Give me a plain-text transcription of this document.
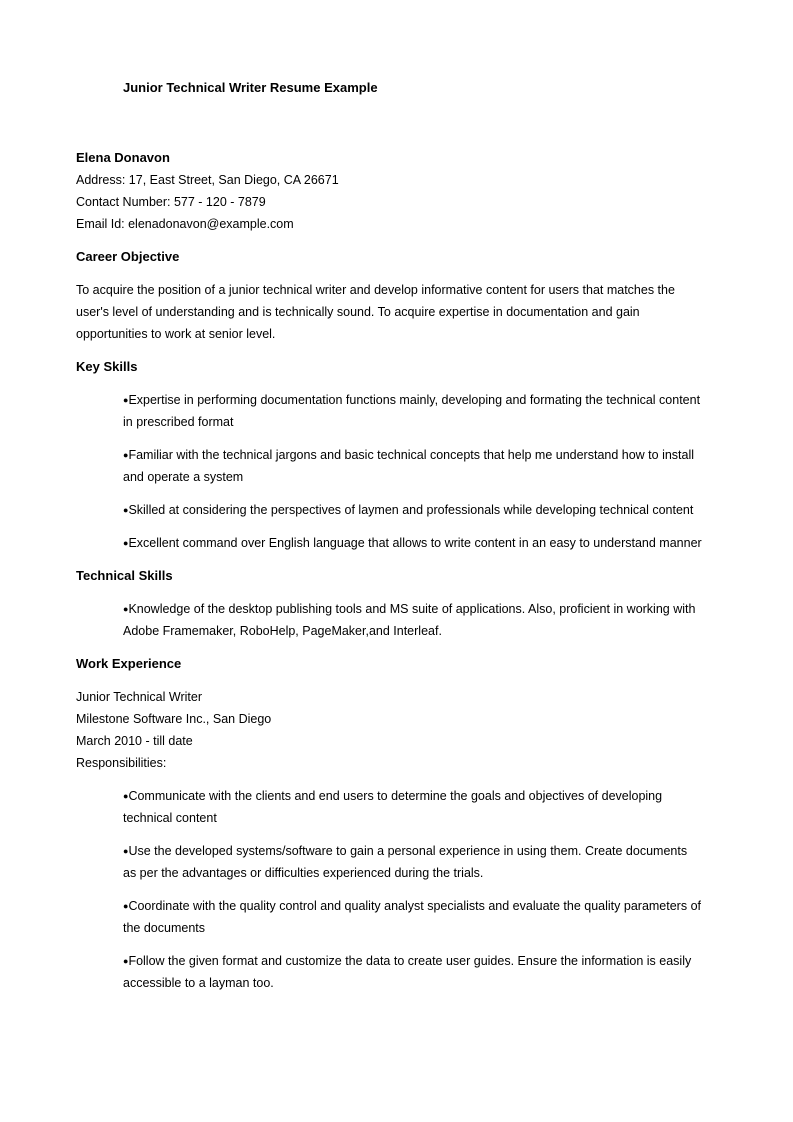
Junior Technical Writer Resume Example
Elena Donavon
Address: 17, East Street, San Diego, CA 26671
Contact Number: 577 - 120 - 7879
Email Id: elenadonavon@example.com
Career Objective
To acquire the position of a junior technical writer and develop informative content for users that matches the user's level of understanding and is technically sound. To acquire expertise in documentation and gain opportunities to work at senior level.
Key Skills
●Expertise in performing documentation functions mainly, developing and formating the technical content in prescribed format
●Familiar with the technical jargons and basic technical concepts that help me understand how to install and operate a system
●Skilled at considering the perspectives of laymen and professionals while developing technical content
●Excellent command over English language that allows to write content in an easy to understand manner
Technical Skills
●Knowledge of the desktop publishing tools and MS suite of applications. Also, proficient in working with Adobe Framemaker, RoboHelp, PageMaker,and Interleaf.
Work Experience
Junior Technical Writer
Milestone Software Inc., San Diego
March 2010 - till date
Responsibilities:
●Communicate with the clients and end users to determine the goals and objectives of developing technical content
●Use the developed systems/software to gain a personal experience in using them. Create documents as per the advantages or difficulties experienced during the trials.
●Coordinate with the quality control and quality analyst specialists and evaluate the quality parameters of the documents
●Follow the given format and customize the data to create user guides. Ensure the information is easily accessible to a layman too.
